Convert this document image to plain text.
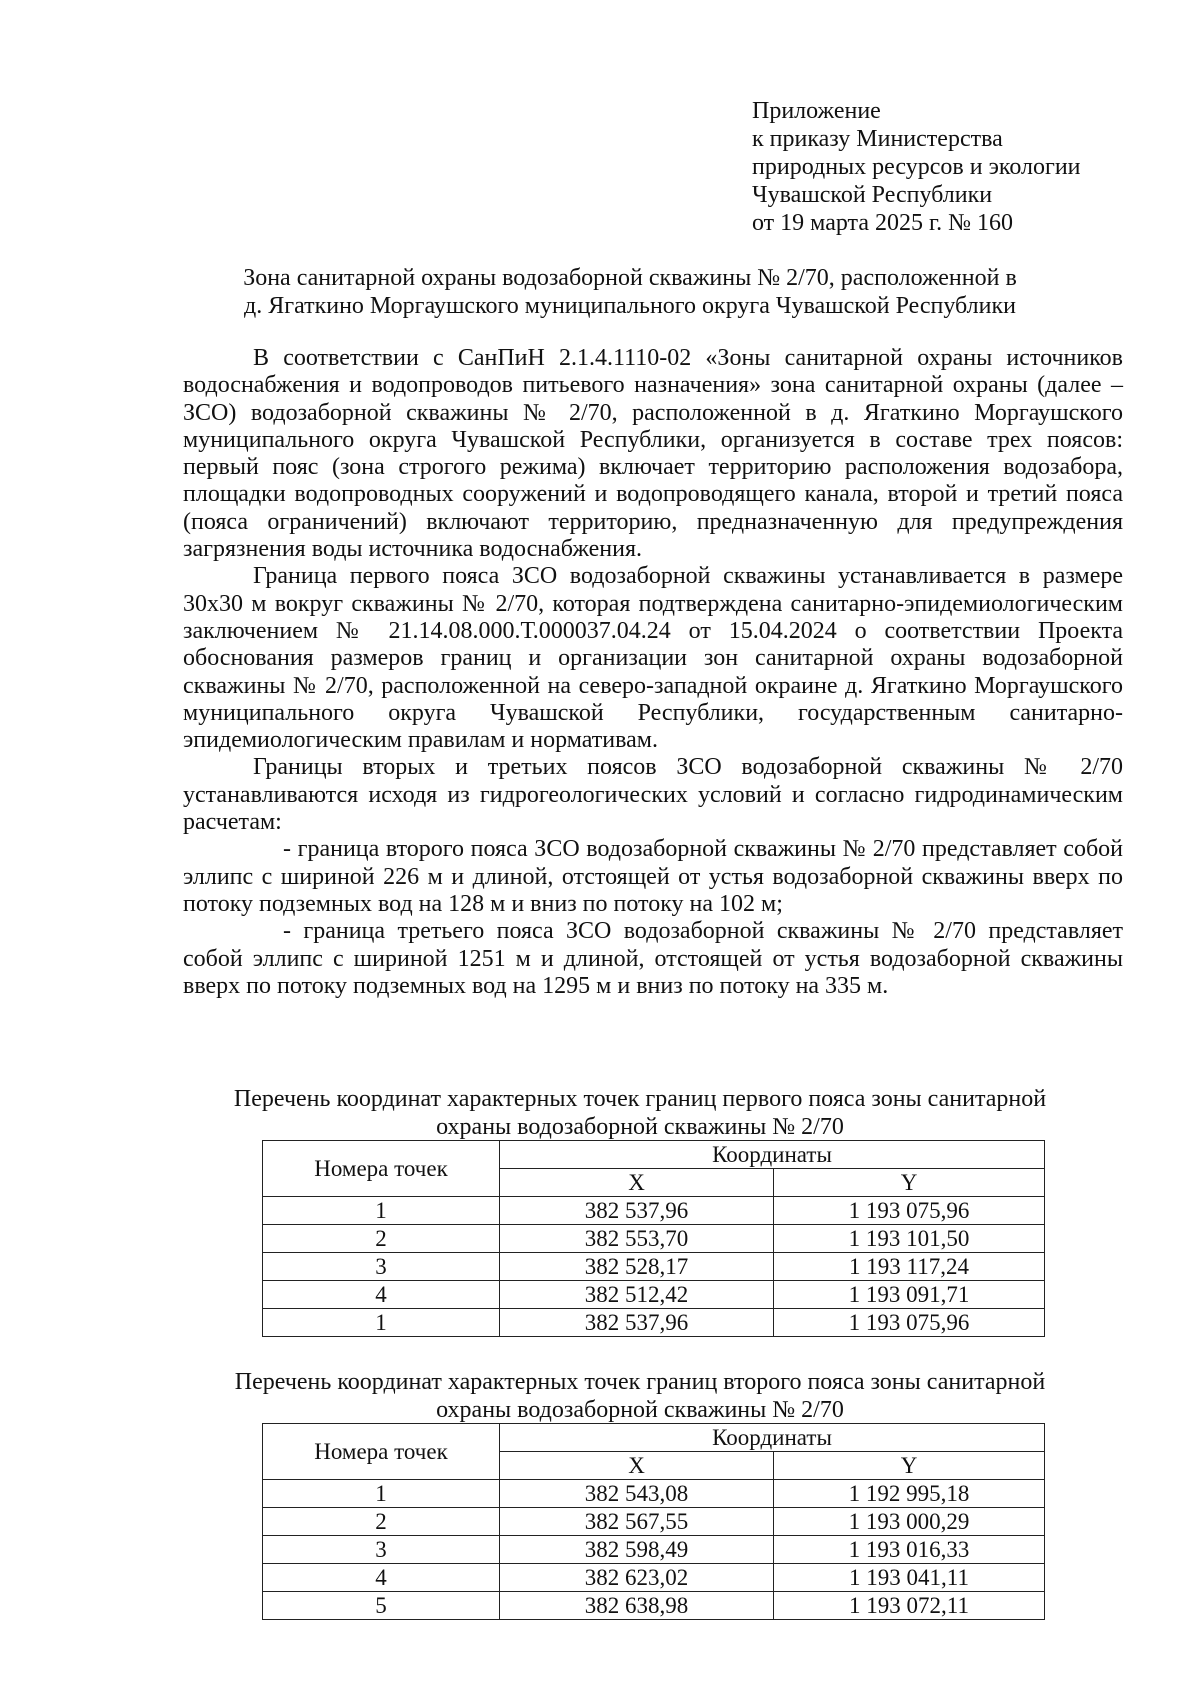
Приложение
к приказу Министерства
природных ресурсов и экологии
Чувашской Республики
от 19 марта 2025 г. № 160
Зона санитарной охраны водозаборной скважины № 2/70, расположенной в
д. Ягаткино Моргаушского муниципального округа Чувашской Республики

В соответствии с СанПиН 2.1.4.1110-02 «Зоны санитарной охраны источников водоснабжения и водопроводов питьевого назначения» зона санитарной охраны (далее – ЗСО) водозаборной скважины № 2/70, расположенной в д. Ягаткино Моргаушского муниципального округа Чувашской Республики, организуется в составе трех поясов: первый пояс (зона строгого режима) включает территорию расположения водозабора, площадки водопроводных сооружений и водопроводящего канала, второй и третий пояса (пояса ограничений) включают территорию, предназначенную для предупреждения загрязнения воды источника водоснабжения.

Граница первого пояса ЗСО водозаборной скважины устанавливается в размере 30х30 м вокруг скважины № 2/70, которая подтверждена санитарно-эпидемиологическим заключением № 21.14.08.000.Т.000037.04.24 от 15.04.2024 о соответствии Проекта обоснования размеров границ и организации зон санитарной охраны водозаборной скважины № 2/70, расположенной на северо-западной окраине д. Ягаткино Моргаушского муниципального округа Чувашской Республики, государственным санитарно-эпидемиологическим правилам и нормативам.

Границы вторых и третьих поясов ЗСО водозаборной скважины № 2/70 устанавливаются исходя из гидрогеологических условий и согласно гидродинамическим расчетам:

- граница второго пояса ЗСО водозаборной скважины № 2/70 представляет собой эллипс с шириной 226 м и длиной, отстоящей от устья водозаборной скважины вверх по потоку подземных вод на 128 м и вниз по потоку на 102 м;

- граница третьего пояса ЗСО водозаборной скважины № 2/70 представляет собой эллипс с шириной 1251 м и длиной, отстоящей от устья водозаборной скважины вверх по потоку подземных вод на 1295 м и вниз по потоку на 335 м.

Перечень координат характерных точек границ первого пояса зоны санитарной
охраны водозаборной скважины № 2/70
Номера точек	Координаты	
	X	Y
1	382 537,96	1 193 075,96
2	382 553,70	1 193 101,50
3	382 528,17	1 193 117,24
4	382 512,42	1 193 091,71
1	382 537,96	1 193 075,96
Перечень координат характерных точек границ второго пояса зоны санитарной
охраны водозаборной скважины № 2/70
Номера точек	Координаты	
	X	Y
1	382 543,08	1 192 995,18
2	382 567,55	1 193 000,29
3	382 598,49	1 193 016,33
4	382 623,02	1 193 041,11
5	382 638,98	1 193 072,11
